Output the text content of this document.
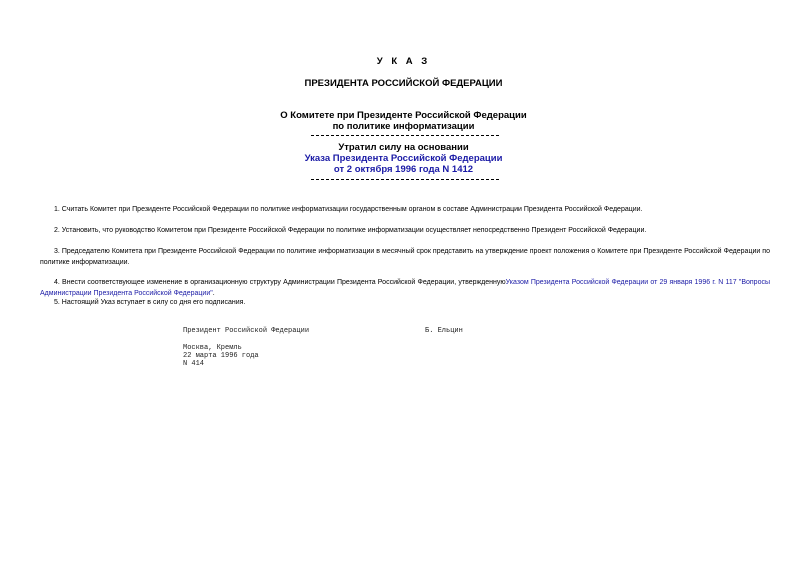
У К А З
ПРЕЗИДЕНТА РОССИЙСКОЙ ФЕДЕРАЦИИ
О Комитете при Президенте Российской Федерации
по политике информатизации
Утратил силу на основании
Указа Президента Российской Федерации
от 2 октября 1996 года N 1412
1. Считать Комитет при Президенте Российской Федерации по политике информатизации государственным органом в составе Администрации Президента Российской Федерации.
2. Установить, что руководство Комитетом при Президенте Российской Федерации по политике информатизации осуществляет непосредственно Президент Российской Федерации.
3. Председателю Комитета при Президенте Российской Федерации по политике информатизации в месячный срок представить на утверждение проект положения о Комитете при Президенте Российской Федерации по политике информатизации.
4. Внести соответствующее изменение в организационную структуру Администрации Президента Российской Федерации, утвержденнуюУказом Президента Российской Федерации от 29 января 1996 г. N 117 "Вопросы Администрации Президента Российской Федерации".
5. Настоящий Указ вступает в силу со дня его подписания.
Президент Российской Федерации	Б. Ельцин
Москва, Кремль
22 марта 1996 года
N 414
